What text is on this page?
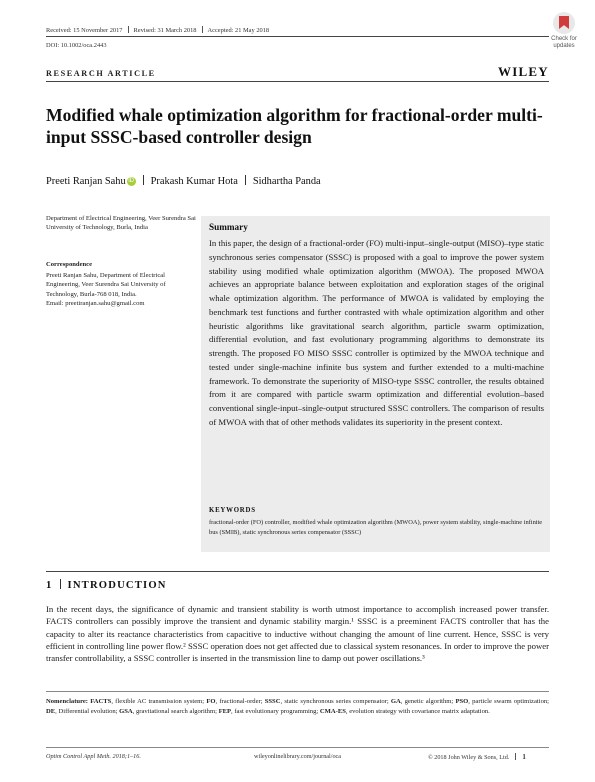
Received: 15 November 2017 Revised: 31 March 2018 Accepted: 21 May 2018
DOI: 10.1002/oca.2443
Check for updates
RESEARCH ARTICLE	WILEY
Modified whale optimization algorithm for fractional-order multi-input SSSC-based controller design
Preeti Ranjan Sahu iD Prakash Kumar Hota Sidhartha Panda
Department of Electrical Engineering, Veer Surendra Sai University of Technology, Burla, India
Correspondence
Preeti Ranjan Sahu, Department of Electrical Engineering, Veer Surendra Sai University of Technology, Burla-768 018, India.
Email: preetiranjan.sahu@gmail.com
Summary
In this paper, the design of a fractional-order (FO) multi-input–single-output (MISO)–type static synchronous series compensator (SSSC) is proposed with a goal to improve the power system stability using modified whale optimization algorithm (MWOA). The proposed MWOA achieves an appropriate balance between exploitation and exploration stages of the original whale optimization algorithm. The performance of MWOA is validated by employing the benchmark test functions and further contrasted with whale optimization algorithm and other heuristic algorithms like gravitational search algorithm, particle swarm optimization, differential evolution, and fast evolutionary programming algorithms to demonstrate its strength. The proposed FO MISO SSSC controller is optimized by the MWOA technique and tested under single-machine infinite bus system and further extended to a multi-machine framework. To demonstrate the superiority of MISO-type SSSC controller, the results obtained from it are compared with particle swarm optimization and differential evolution–based conventional single-input–single-output structured SSSC controllers. The comparison of results of MWOA with that of other methods validates its superiority in the present context.
KEYWORDS
fractional-order (FO) controller, modified whale optimization algorithm (MWOA), power system stability, single-machine infinite bus (SMIB), static synchronous series compensator (SSSC)
1 INTRODUCTION
In the recent days, the significance of dynamic and transient stability is worth utmost importance to accomplish increased power transfer. FACTS controllers can possibly improve the transient and dynamic stability margin.¹ SSSC is a preeminent FACTS controller that has the capacity to alter its reactance characteristics from capacitive to inductive without changing the amount of line current. Hence, SSSC is very efficient in controlling line power flow.² SSSC operation does not get affected due to classical system resonances. In order to improve the power transfer controllability, a SSSC controller is inserted in the transmission line to damp out power oscillations.³
Nomenclature: FACTS, flexible AC transmission system; FO, fractional-order; SSSC, static synchronous series compensator; GA, genetic algorithm; PSO, particle swarm optimization; DE, Differential evolution; GSA, gravitational search algorithm; FEP, fast evolutionary programming; CMA-ES, evolution strategy with covariance matrix adaptation.
Optim Control Appl Meth. 2018;1–16.	wileyonlinelibrary.com/journal/oca	© 2018 John Wiley & Sons, Ltd. 1
